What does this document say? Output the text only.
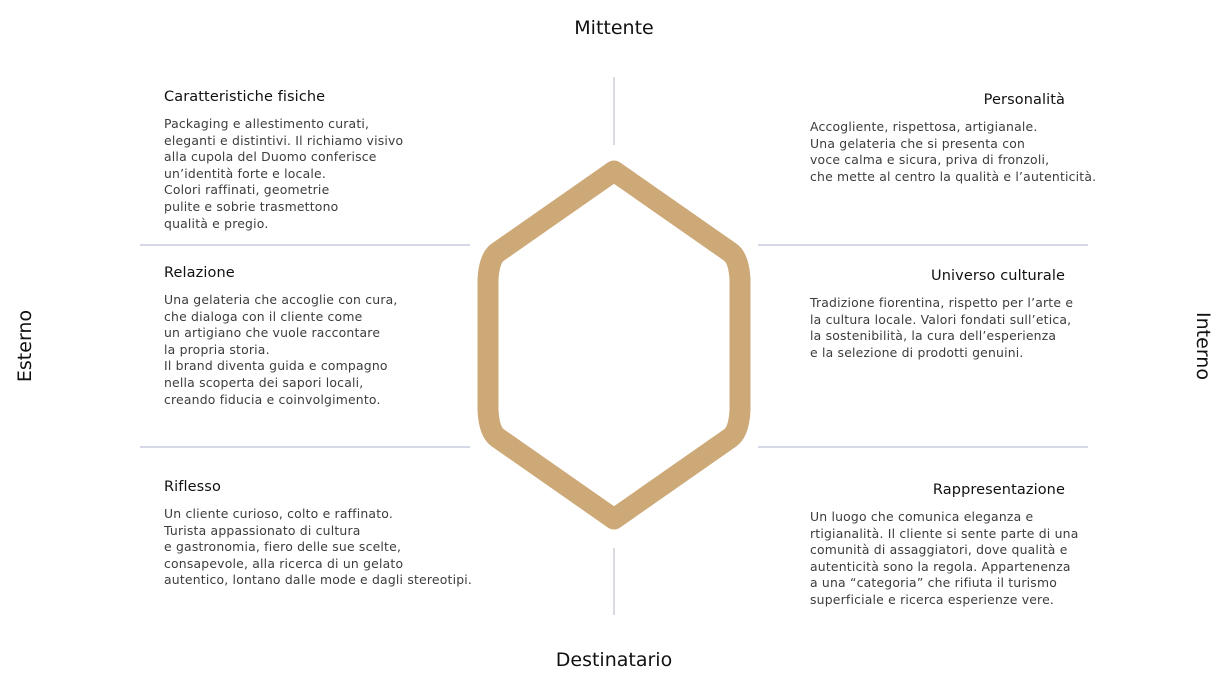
Mittente
Destinatario
Esterno	Interno
Caratteristiche fisiche

Packaging e allestimento curati,
eleganti e distintivi. Il richiamo visivo
alla cupola del Duomo conferisce
un’identità forte e locale.
Colori raffinati, geometrie
pulite e sobrie trasmettono
qualità e pregio.

Relazione

Una gelateria che accoglie con cura,
che dialoga con il cliente come
un artigiano che vuole raccontare
la propria storia.
Il brand diventa guida e compagno
nella scoperta dei sapori locali,
creando fiducia e coinvolgimento.

Riflesso

Un cliente curioso, colto e raffinato.
Turista appassionato di cultura
e gastronomia, fiero delle sue scelte,
consapevole, alla ricerca di un gelato
autentico, lontano dalle mode e dagli stereotipi.

Personalità

Accogliente, rispettosa, artigianale.
Una gelateria che si presenta con
voce calma e sicura, priva di fronzoli,
che mette al centro la qualità e l’autenticità.

Universo culturale

Tradizione fiorentina, rispetto per l’arte e
la cultura locale. Valori fondati sull’etica,
la sostenibilità, la cura dell’esperienza
e la selezione di prodotti genuini.

Rappresentazione

Un luogo che comunica eleganza e
rtigianalità. Il cliente si sente parte di una
comunità di assaggiatori, dove qualità e
autenticità sono la regola. Appartenenza
a una “categoria” che rifiuta il turismo
superficiale e ricerca esperienze vere.
